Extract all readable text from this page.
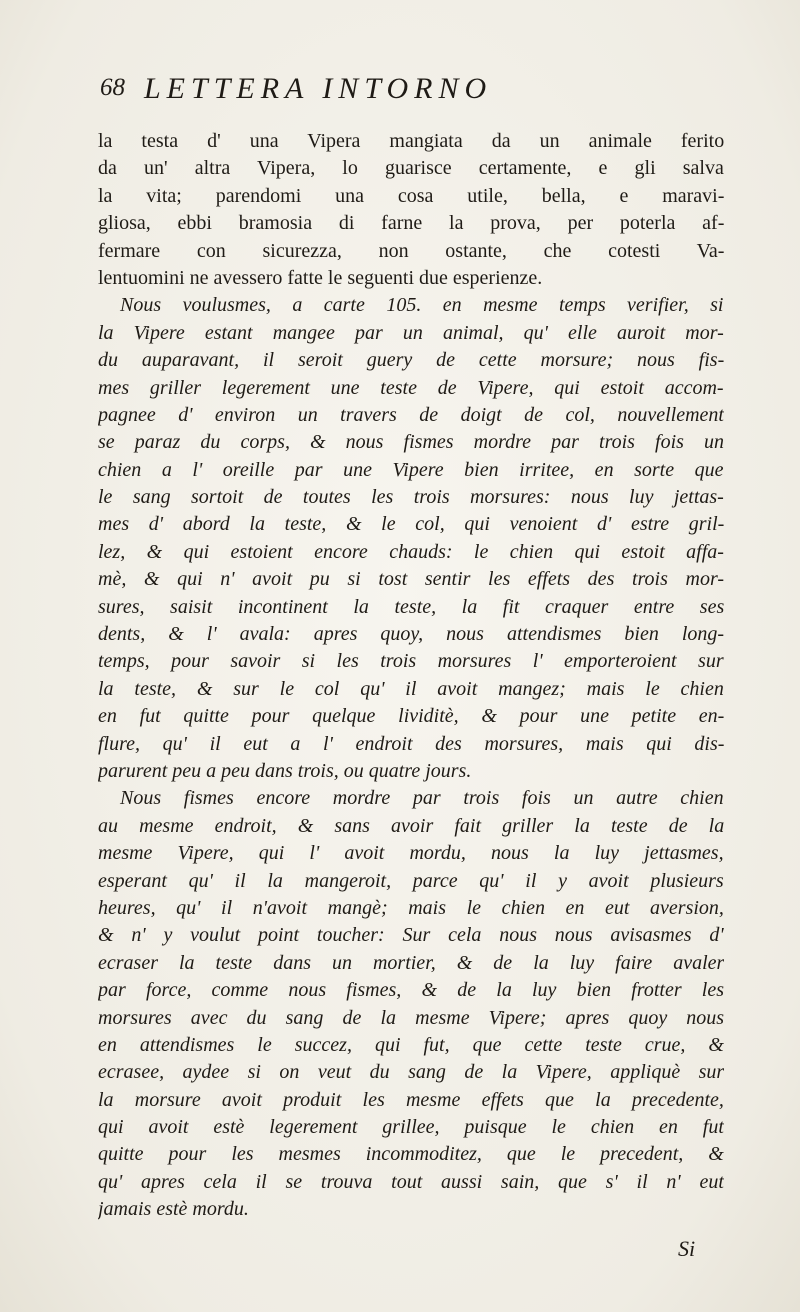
68 LETTERA INTORNO
la testa d' una Vipera mangiata da un animale ferito
da un' altra Vipera, lo guarisce certamente, e gli salva
la vita; parendomi una cosa utile, bella, e maravi-
gliosa, ebbi bramosia di farne la prova, per poterla af-
fermare con sicurezza, non ostante, che cotesti Va-
lentuomini ne avessero fatte le seguenti due esperienze.
Nous voulusmes, a carte 105. en mesme temps verifier, si
la Vipere estant mangee par un animal, qu' elle auroit mor-
du auparavant, il seroit guery de cette morsure; nous fis-
mes griller legerement une teste de Vipere, qui estoit accom-
pagnee d' environ un travers de doigt de col, nouvellement
se paraz du corps, & nous fismes mordre par trois fois un
chien a l' oreille par une Vipere bien irritee, en sorte que
le sang sortoit de toutes les trois morsures: nous luy jettas-
mes d' abord la teste, & le col, qui venoient d' estre gril-
lez, & qui estoient encore chauds: le chien qui estoit affa-
mè, & qui n' avoit pu si tost sentir les effets des trois mor-
sures, saisit incontinent la teste, la fit craquer entre ses
dents, & l' avala: apres quoy, nous attendismes bien long-
temps, pour savoir si les trois morsures l' emporteroient sur
la teste, & sur le col qu' il avoit mangez; mais le chien
en fut quitte pour quelque lividitè, & pour une petite en-
flure, qu' il eut a l' endroit des morsures, mais qui dis-
parurent peu a peu dans trois, ou quatre jours.
Nous fismes encore mordre par trois fois un autre chien
au mesme endroit, & sans avoir fait griller la teste de la
mesme Vipere, qui l' avoit mordu, nous la luy jettasmes,
esperant qu' il la mangeroit, parce qu' il y avoit plusieurs
heures, qu' il n'avoit mangè; mais le chien en eut aversion,
& n' y voulut point toucher: Sur cela nous nous avisasmes d'
ecraser la teste dans un mortier, & de la luy faire avaler
par force, comme nous fismes, & de la luy bien frotter les
morsures avec du sang de la mesme Vipere; apres quoy nous
en attendismes le succez, qui fut, que cette teste crue, &
ecrasee, aydee si on veut du sang de la Vipere, appliquè sur
la morsure avoit produit les mesme effets que la precedente,
qui avoit estè legerement grillee, puisque le chien en fut
quitte pour les mesmes incommoditez, que le precedent, &
qu' apres cela il se trouva tout aussi sain, que s' il n' eut
jamais estè mordu.
Si
